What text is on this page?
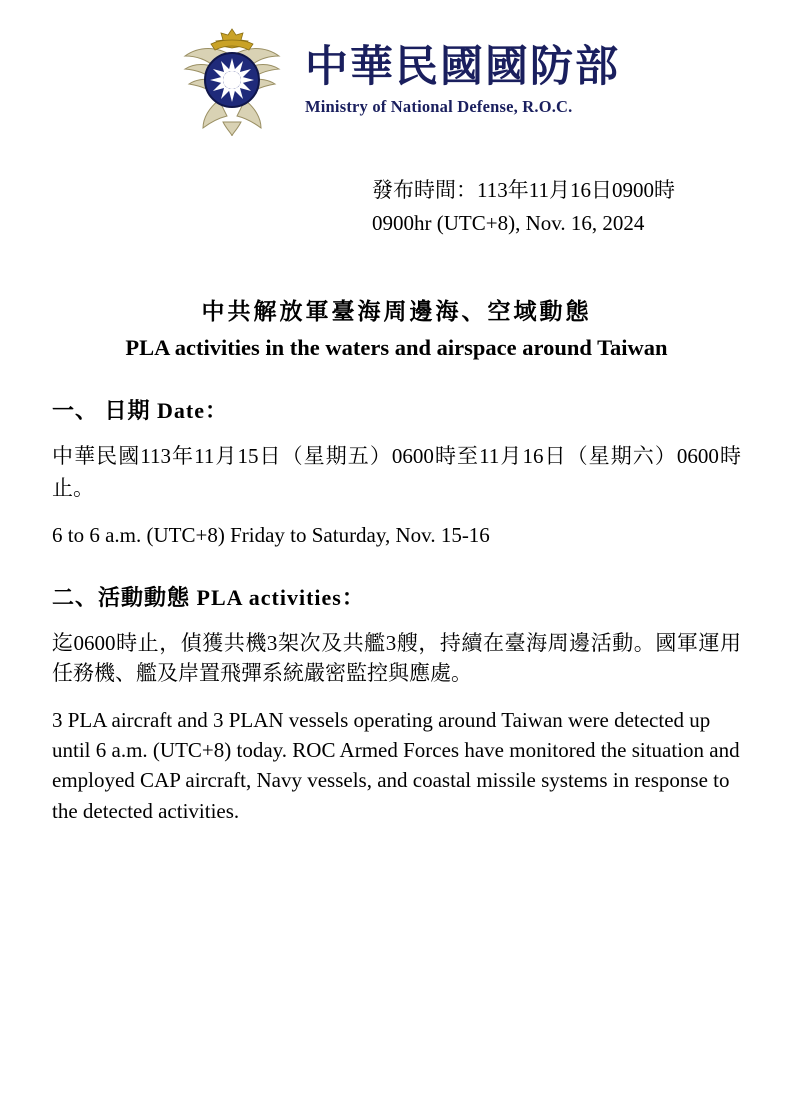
中華民國國防部
Ministry of National Defense, R.O.C.
發布時間：113年11月16日0900時
0900hr (UTC+8), Nov. 16, 2024
中共解放軍臺海周邊海、空域動態
PLA activities in the waters and airspace around Taiwan
一、 日期 Date：
中華民國113年11月15日（星期五）0600時至11月16日（星期六）0600時止。
6 to 6 a.m. (UTC+8) Friday to Saturday, Nov. 15-16
二、活動動態 PLA activities：
迄0600時止，偵獲共機3架次及共艦3艘，持續在臺海周邊活動。國軍運用任務機、艦及岸置飛彈系統嚴密監控與應處。
3 PLA aircraft and 3 PLAN vessels operating around Taiwan were detected up until 6 a.m. (UTC+8) today. ROC Armed Forces have monitored the situation and employed CAP aircraft, Navy vessels, and coastal missile systems in response to the detected activities.
